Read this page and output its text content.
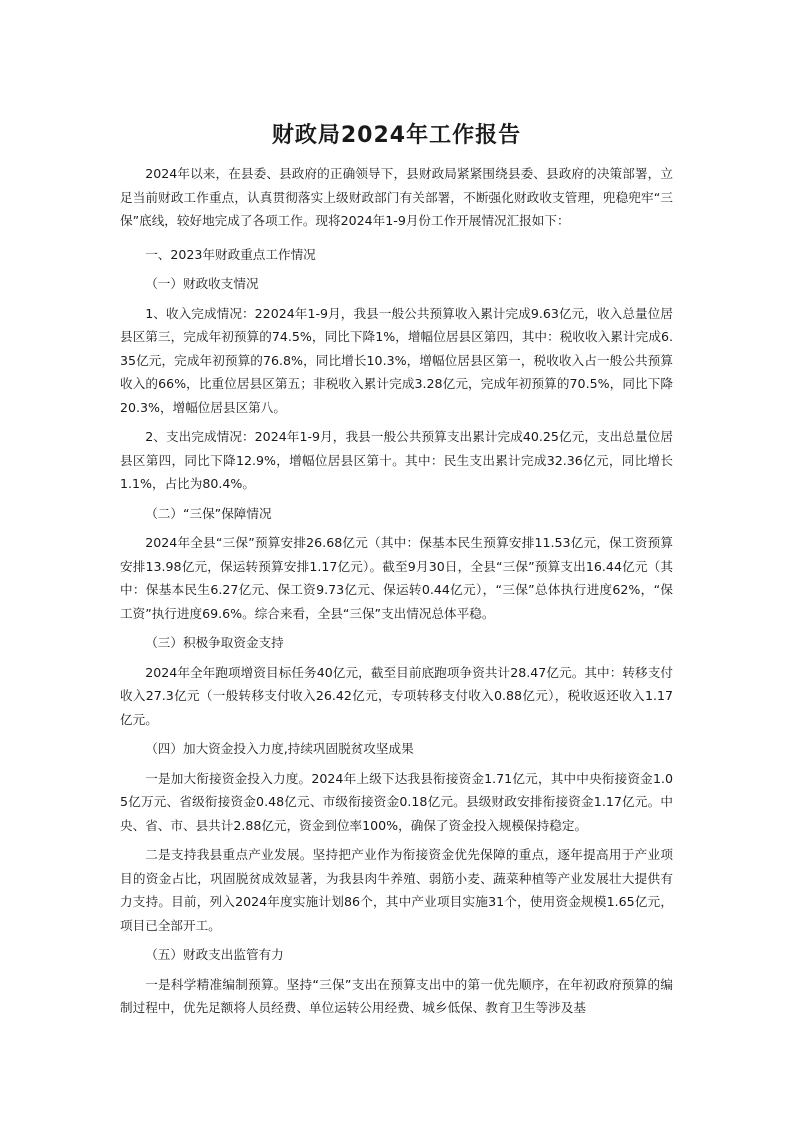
财政局2024年工作报告

2024年以来，在县委、县政府的正确领导下，县财政局紧紧围绕县委、县政府的决策部署，立足当前财政工作重点，认真贯彻落实上级财政部门有关部署，不断强化财政收支管理，兜稳兜牢“三保”底线，较好地完成了各项工作。现将2024年1-9月份工作开展情况汇报如下：

一、2023年财政重点工作情况

（一）财政收支情况

1、收入完成情况：22024年1-9月，我县一般公共预算收入累计完成9.63亿元，收入总量位居县区第三，完成年初预算的74.5%，同比下降1%，增幅位居县区第四，其中：税收收入累计完成6.35亿元，完成年初预算的76.8%，同比增长10.3%，增幅位居县区第一，税收收入占一般公共预算收入的66%，比重位居县区第五；非税收入累计完成3.28亿元，完成年初预算的70.5%，同比下降20.3%，增幅位居县区第八。

2、支出完成情况：2024年1-9月，我县一般公共预算支出累计完成40.25亿元，支出总量位居县区第四，同比下降12.9%，增幅位居县区第十。其中：民生支出累计完成32.36亿元，同比增长1.1%，占比为80.4%。

（二）“三保”保障情况

2024年全县“三保”预算安排26.68亿元（其中：保基本民生预算安排11.53亿元，保工资预算安排13.98亿元，保运转预算安排1.17亿元）。截至9月30日，全县“三保”预算支出16.44亿元（其中：保基本民生6.27亿元、保工资9.73亿元、保运转0.44亿元），“三保”总体执行进度62%，“保工资”执行进度69.6%。综合来看，全县“三保”支出情况总体平稳。

（三）积极争取资金支持

2024年全年跑项增资目标任务40亿元，截至目前底跑项争资共计28.47亿元。其中：转移支付收入27.3亿元（一般转移支付收入26.42亿元，专项转移支付收入0.88亿元），税收返还收入1.17亿元。

（四）加大资金投入力度,持续巩固脱贫攻坚成果

一是加大衔接资金投入力度。2024年上级下达我县衔接资金1.71亿元，其中中央衔接资金1.05亿万元、省级衔接资金0.48亿元、市级衔接资金0.18亿元。县级财政安排衔接资金1.17亿元。中央、省、市、县共计2.88亿元，资金到位率100%，确保了资金投入规模保持稳定。

二是支持我县重点产业发展。坚持把产业作为衔接资金优先保障的重点，逐年提高用于产业项目的资金占比，巩固脱贫成效显著，为我县肉牛养殖、弱筋小麦、蔬菜种植等产业发展壮大提供有力支持。目前，列入2024年度实施计划86个，其中产业项目实施31个，使用资金规模1.65亿元，项目已全部开工。

（五）财政支出监管有力

一是科学精准编制预算。坚持“三保”支出在预算支出中的第一优先顺序，在年初政府预算的编制过程中，优先足额将人员经费、单位运转公用经费、城乡低保、教育卫生等涉及基
